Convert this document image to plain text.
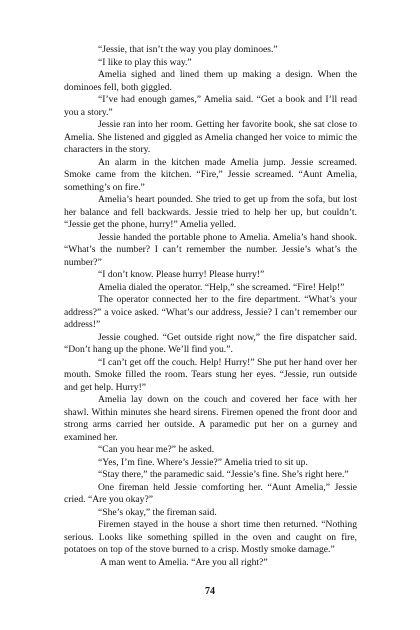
“Jessie, that isn’t the way you play dominoes.”

“I like to play this way.”

Amelia sighed and lined them up making a design. When the dominoes fell, both giggled.

“I’ve had enough games,” Amelia said. “Get a book and I’ll read you a story.”

Jessie ran into her room. Getting her favorite book, she sat close to Amelia. She listened and giggled as Amelia changed her voice to mimic the characters in the story.

An alarm in the kitchen made Amelia jump. Jessie screamed. Smoke came from the kitchen. “Fire,” Jessie screamed. “Aunt Amelia, something’s on fire.”

Amelia’s heart pounded. She tried to get up from the sofa, but lost her balance and fell backwards. Jessie tried to help her up, but couldn’t. “Jessie get the phone, hurry!” Amelia yelled.

Jessie handed the portable phone to Amelia. Amelia’s hand shook. “What’s the number? I can’t remember the number. Jessie’s what’s the number?”

“I don’t know. Please hurry! Please hurry!”

Amelia dialed the operator. “Help,” she screamed. “Fire! Help!”

The operator connected her to the fire department. “What’s your address?” a voice asked. “What’s our address, Jessie? I can’t remember our address!”

Jessie coughed. “Get outside right now,” the fire dispatcher said. “Don’t hang up the phone. We’ll find you.”.

“I can’t get off the couch. Help! Hurry!” She put her hand over her mouth. Smoke filled the room. Tears stung her eyes. “Jessie, run outside and get help. Hurry!”

Amelia lay down on the couch and covered her face with her shawl. Within minutes she heard sirens. Firemen opened the front door and strong arms carried her outside. A paramedic put her on a gurney and examined her.

“Can you hear me?” he asked.

“Yes, I’m fine. Where’s Jessie?” Amelia tried to sit up.

“Stay there,” the paramedic said. “Jessie’s fine. She’s right here.”

One fireman held Jessie comforting her. “Aunt Amelia,” Jessie cried. “Are you okay?”

“She’s okay,” the fireman said.

Firemen stayed in the house a short time then returned. “Nothing serious. Looks like something spilled in the oven and caught on fire, potatoes on top of the stove burned to a crisp. Mostly smoke damage.”

A man went to Amelia. “Are you all right?”

74
